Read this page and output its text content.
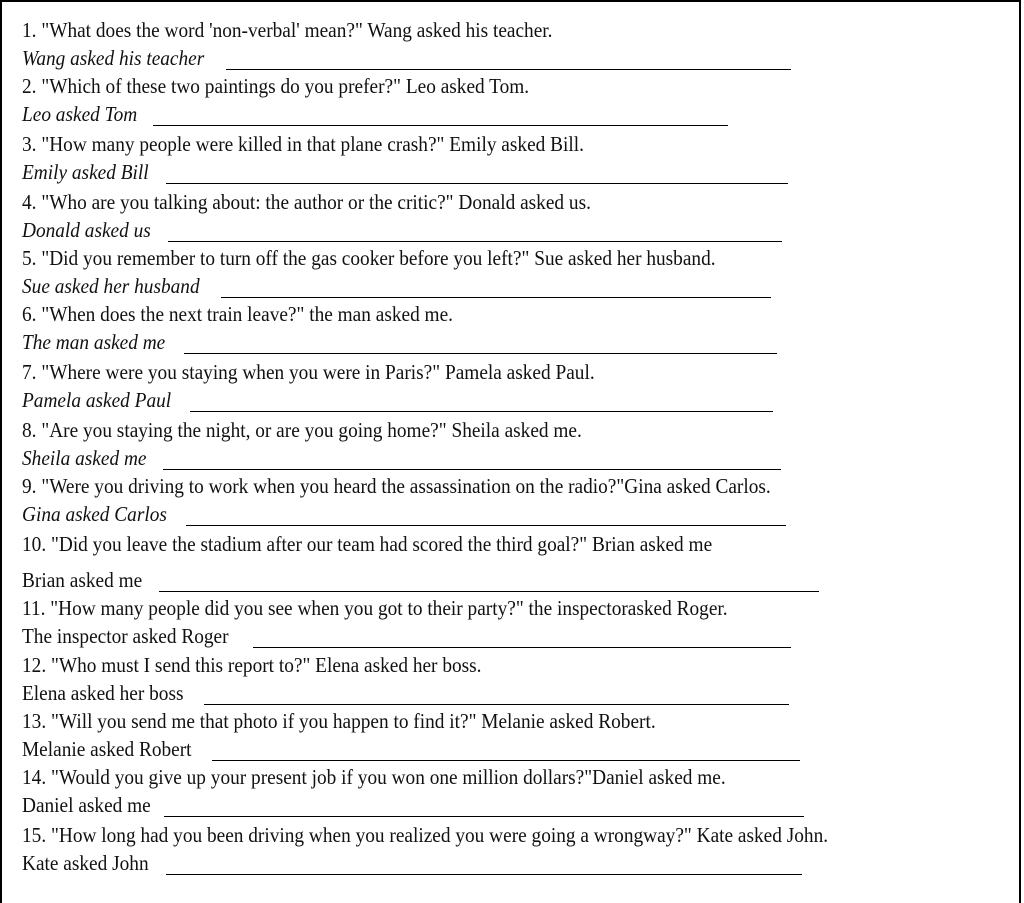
1. "What does the word 'non-verbal' mean?" Wang asked his teacher.
Wang asked his teacher
2. "Which of these two paintings do you prefer?" Leo asked Tom.
Leo asked Tom
3. "How many people were killed in that plane crash?" Emily asked Bill.
Emily asked Bill
4. "Who are you talking about: the author or the critic?" Donald asked us.
Donald asked us
5. "Did you remember to turn off the gas cooker before you left?" Sue asked her husband.
Sue asked her husband
6. "When does the next train leave?" the man asked me.
The man asked me
7. "Where were you staying when you were in Paris?" Pamela asked Paul.
Pamela asked Paul
8. "Are you staying the night, or are you going home?" Sheila asked me.
Sheila asked me
9. "Were you driving to work when you heard the assassination on the radio?"Gina asked Carlos.
Gina asked Carlos
10. "Did you leave the stadium after our team had scored the third goal?" Brian asked me
Brian asked me
11. "How many people did you see when you got to their party?" the inspectorasked Roger.
The inspector asked Roger
12. "Who must I send this report to?" Elena asked her boss.
Elena asked her boss
13. "Will you send me that photo if you happen to find it?" Melanie asked Robert.
Melanie asked Robert
14. "Would you give up your present job if you won one million dollars?"Daniel asked me.
Daniel asked me
15. "How long had you been driving when you realized you were going a wrongway?" Kate asked John.
Kate asked John
